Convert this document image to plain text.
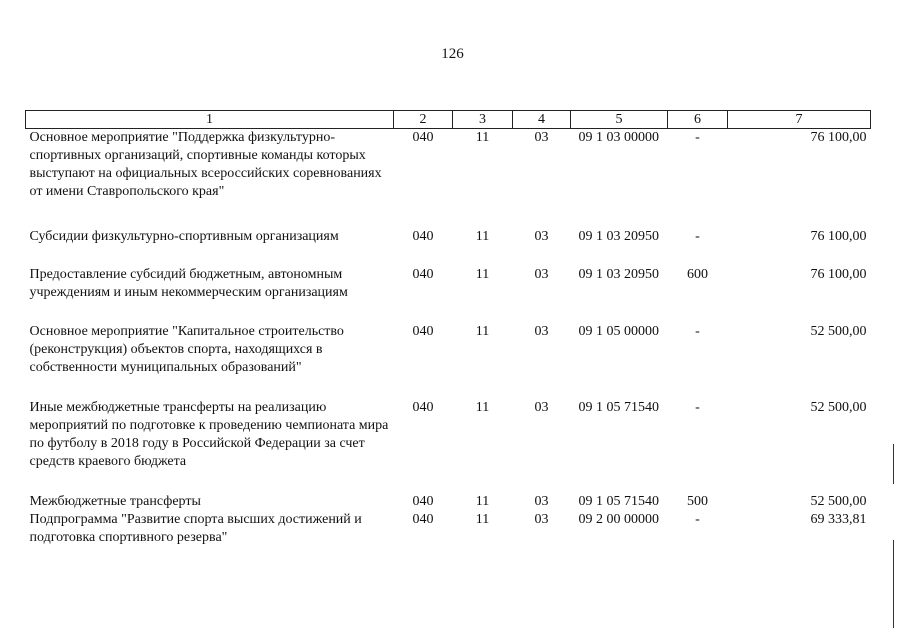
126
1	2	3	4	5	6	7
Основное мероприятие "Поддержка физкультурно-спортивных организаций, спортивные команды которых выступают на официальных всероссийских соревнованиях от имени Ставропольского края"	040	11	03	09 1 03 00000	-	76 100,00
Субсидии физкультурно-спортивным организациям	040	11	03	09 1 03 20950	-	76 100,00
Предоставление субсидий бюджетным, автономным учреждениям и иным некоммерческим организациям	040	11	03	09 1 03 20950	600	76 100,00
Основное мероприятие "Капитальное строительство (реконструкция) объектов спорта, находящихся в собственности муниципальных образований"	040	11	03	09 1 05 00000	-	52 500,00
Иные межбюджетные трансферты на реализацию мероприятий по подготовке к проведению чемпионата мира по футболу в 2018 году в Российской Федерации за счет средств краевого бюджета	040	11	03	09 1 05 71540	-	52 500,00
Межбюджетные трансферты	040	11	03	09 1 05 71540	500	52 500,00
Подпрограмма "Развитие спорта высших достижений и подготовка спортивного резерва"	040	11	03	09 2 00 00000	-	69 333,81
